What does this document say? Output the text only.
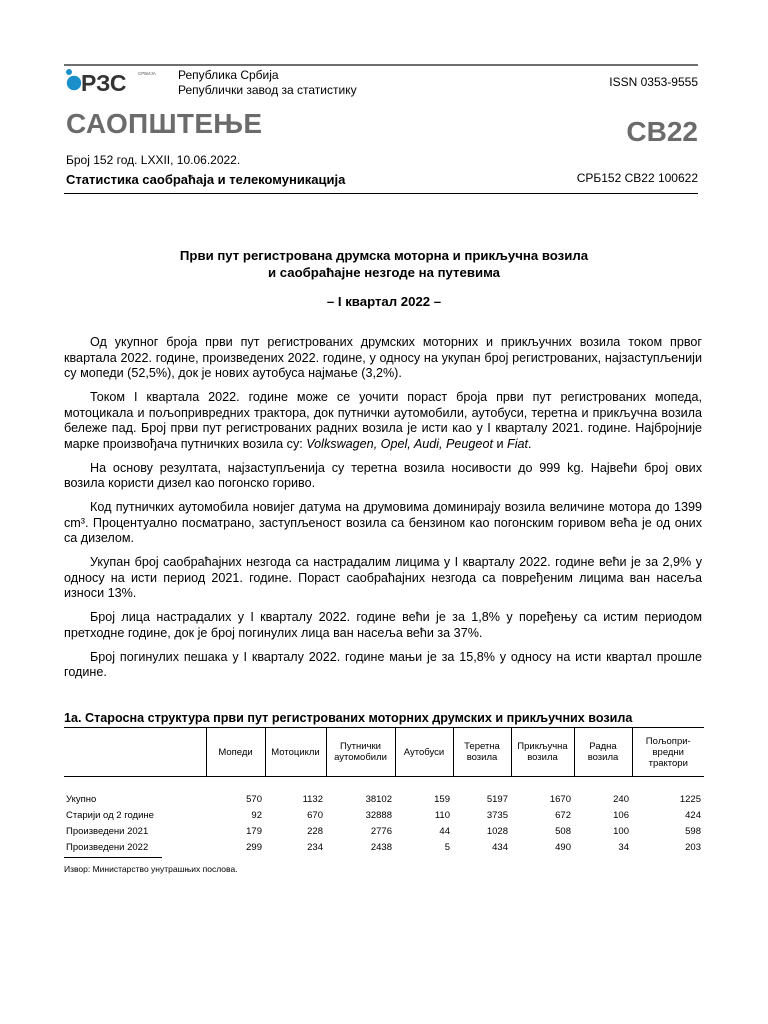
РЗС	СРБИЈА Република Србија
Републички завод за статистику
ISSN 0353-9555
САОПШТЕЊЕ	СВ22
Број 152 год. LXXII, 10.06.2022.
Статистика саобраћаја и телекомуникација	СРБ152 СВ22 100622
Први пут регистрована друмска моторна и прикључна возила
и саобраћајне незгоде на путевима
– I квартал 2022 –

Од укупног броја први пут регистрованих друмских моторних и прикључних возила током првог квартала 2022. године, произведених 2022. године, у односу на укупан број регистрованих, најзаступљенији су мопеди (52,5%), док је нових аутобуса најмање (3,2%).

Током I квартала 2022. године може се уочити пораст броја први пут регистрованих мопеда, мотоцикала и пољопривредних трактора, док путнички аутомобили, аутобуси, теретна и прикључна возила бележе пад. Број први пут регистрованих радних возила је исти као у I кварталу 2021. године. Најбројније марке произвођача путничких возила су: Volkswagen, Opel, Audi, Peugeot и Fiat.

На основу резултата, најзаступљенија су теретна возила носивости до 999 kg. Највећи број ових возила користи дизел као погонско гориво.

Код путничких аутомобила новијег датума на друмовима доминирају возила величине мотора до 1399 cm³. Процентуално посматрано, заступљеност возила са бензином као погонским горивом већа је од оних са дизелом.

Укупан број саобраћајних незгода са настрадалим лицима у I кварталу 2022. године већи је за 2,9% у односу на исти период 2021. године. Пораст саобраћајних незгода са повређеним лицима ван насеља износи 13%.

Број лица настрадалих у I кварталу 2022. године већи је за 1,8% у поређењу са истим периодом претходне године, док је број погинулих лица ван насеља већи за 37%.

Број погинулих пешака у I кварталу 2022. године мањи је за 15,8% у односу на исти квартал прошле године.

1а. Старосна структура први пут регистрованих моторних друмских и прикључних возила
	Мопеди	Мотоцикли	Путнички аутомобили	Аутобуси	Теретна возила	Прикључна возила	Радна возила	Пољопри-вредни трактори

Укупно	570	1132	38102	159	5197	1670	240	1225
Старији од 2 године	92	670	32888	110	3735	672	106	424
Произведени 2021	179	228	2776	44	1028	508	100	598
Произведени 2022	299	234	2438	5	434	490	34	203
Извор: Министарство унутрашњих послова.
